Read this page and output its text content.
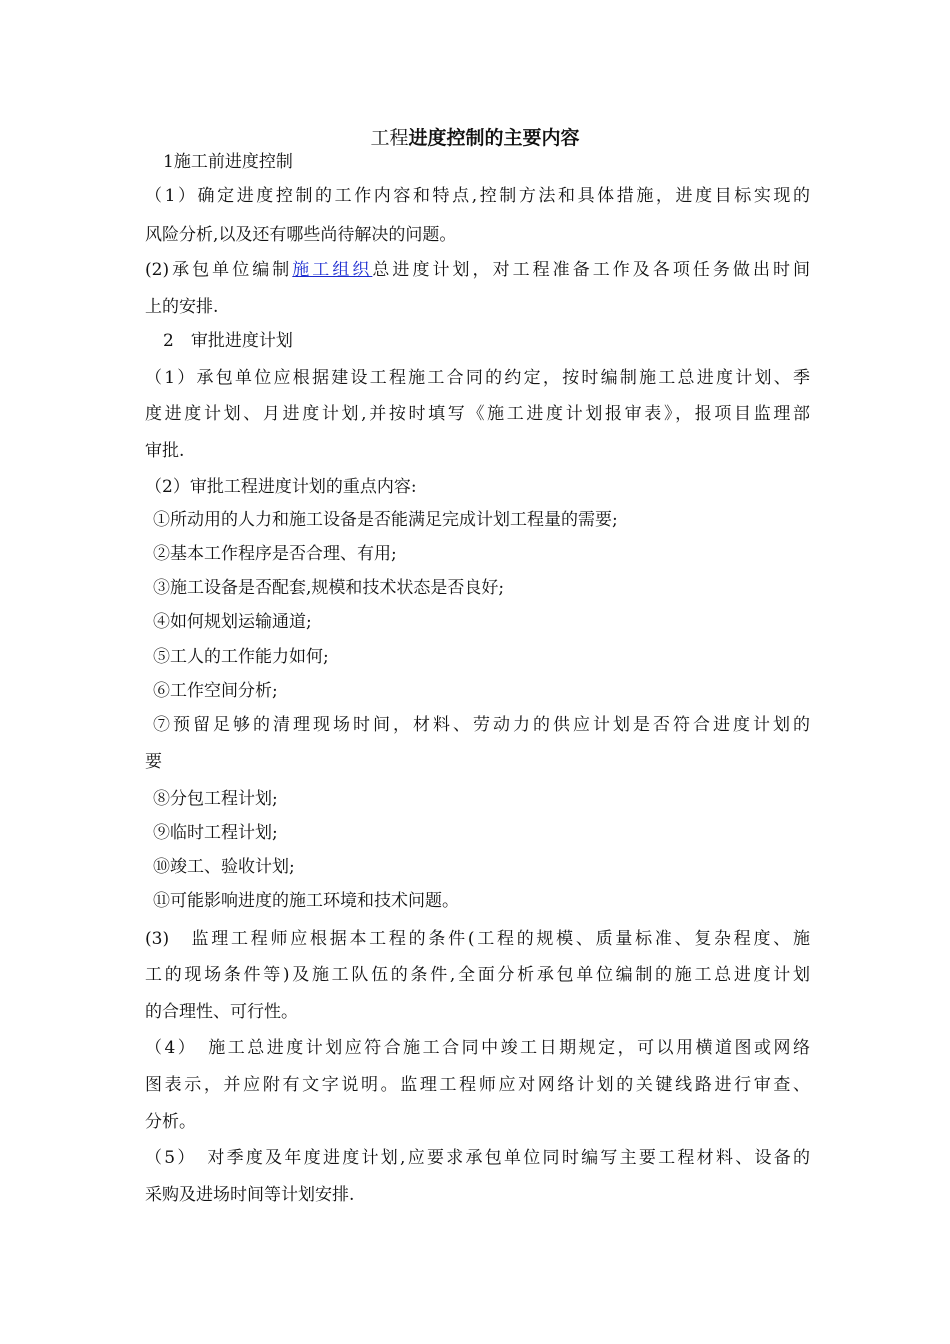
工程进度控制的主要内容
1施工前进度控制
（1）确定进度控制的工作内容和特点,控制方法和具体措施，进度目标实现的
风险分析,以及还有哪些尚待解决的问题。
(2)承包单位编制施工组织总进度计划，对工程准备工作及各项任务做出时间
上的安排.
2　审批进度计划
（1）承包单位应根据建设工程施工合同的约定，按时编制施工总进度计划、季
度进度计划、月进度计划,并按时填写《施工进度计划报审表》，报项目监理部
审批.
（2）审批工程进度计划的重点内容:
①所动用的人力和施工设备是否能满足完成计划工程量的需要;
②基本工作程序是否合理、有用;
③施工设备是否配套,规模和技术状态是否良好;
④如何规划运输通道;
⑤工人的工作能力如何;
⑥工作空间分析;
⑦预留足够的清理现场时间，材料、劳动力的供应计划是否符合进度计划的
要
⑧分包工程计划;
⑨临时工程计划;
⑩竣工、验收计划;
⑪可能影响进度的施工环境和技术问题。
(3)　监理工程师应根据本工程的条件(工程的规模、质量标准、复杂程度、施
工的现场条件等)及施工队伍的条件,全面分析承包单位编制的施工总进度计划
的合理性、可行性。
（4）　施工总进度计划应符合施工合同中竣工日期规定，可以用横道图或网络
图表示，并应附有文字说明。监理工程师应对网络计划的关键线路进行审查、
分析。
（5）　对季度及年度进度计划,应要求承包单位同时编写主要工程材料、设备的
采购及进场时间等计划安排.
